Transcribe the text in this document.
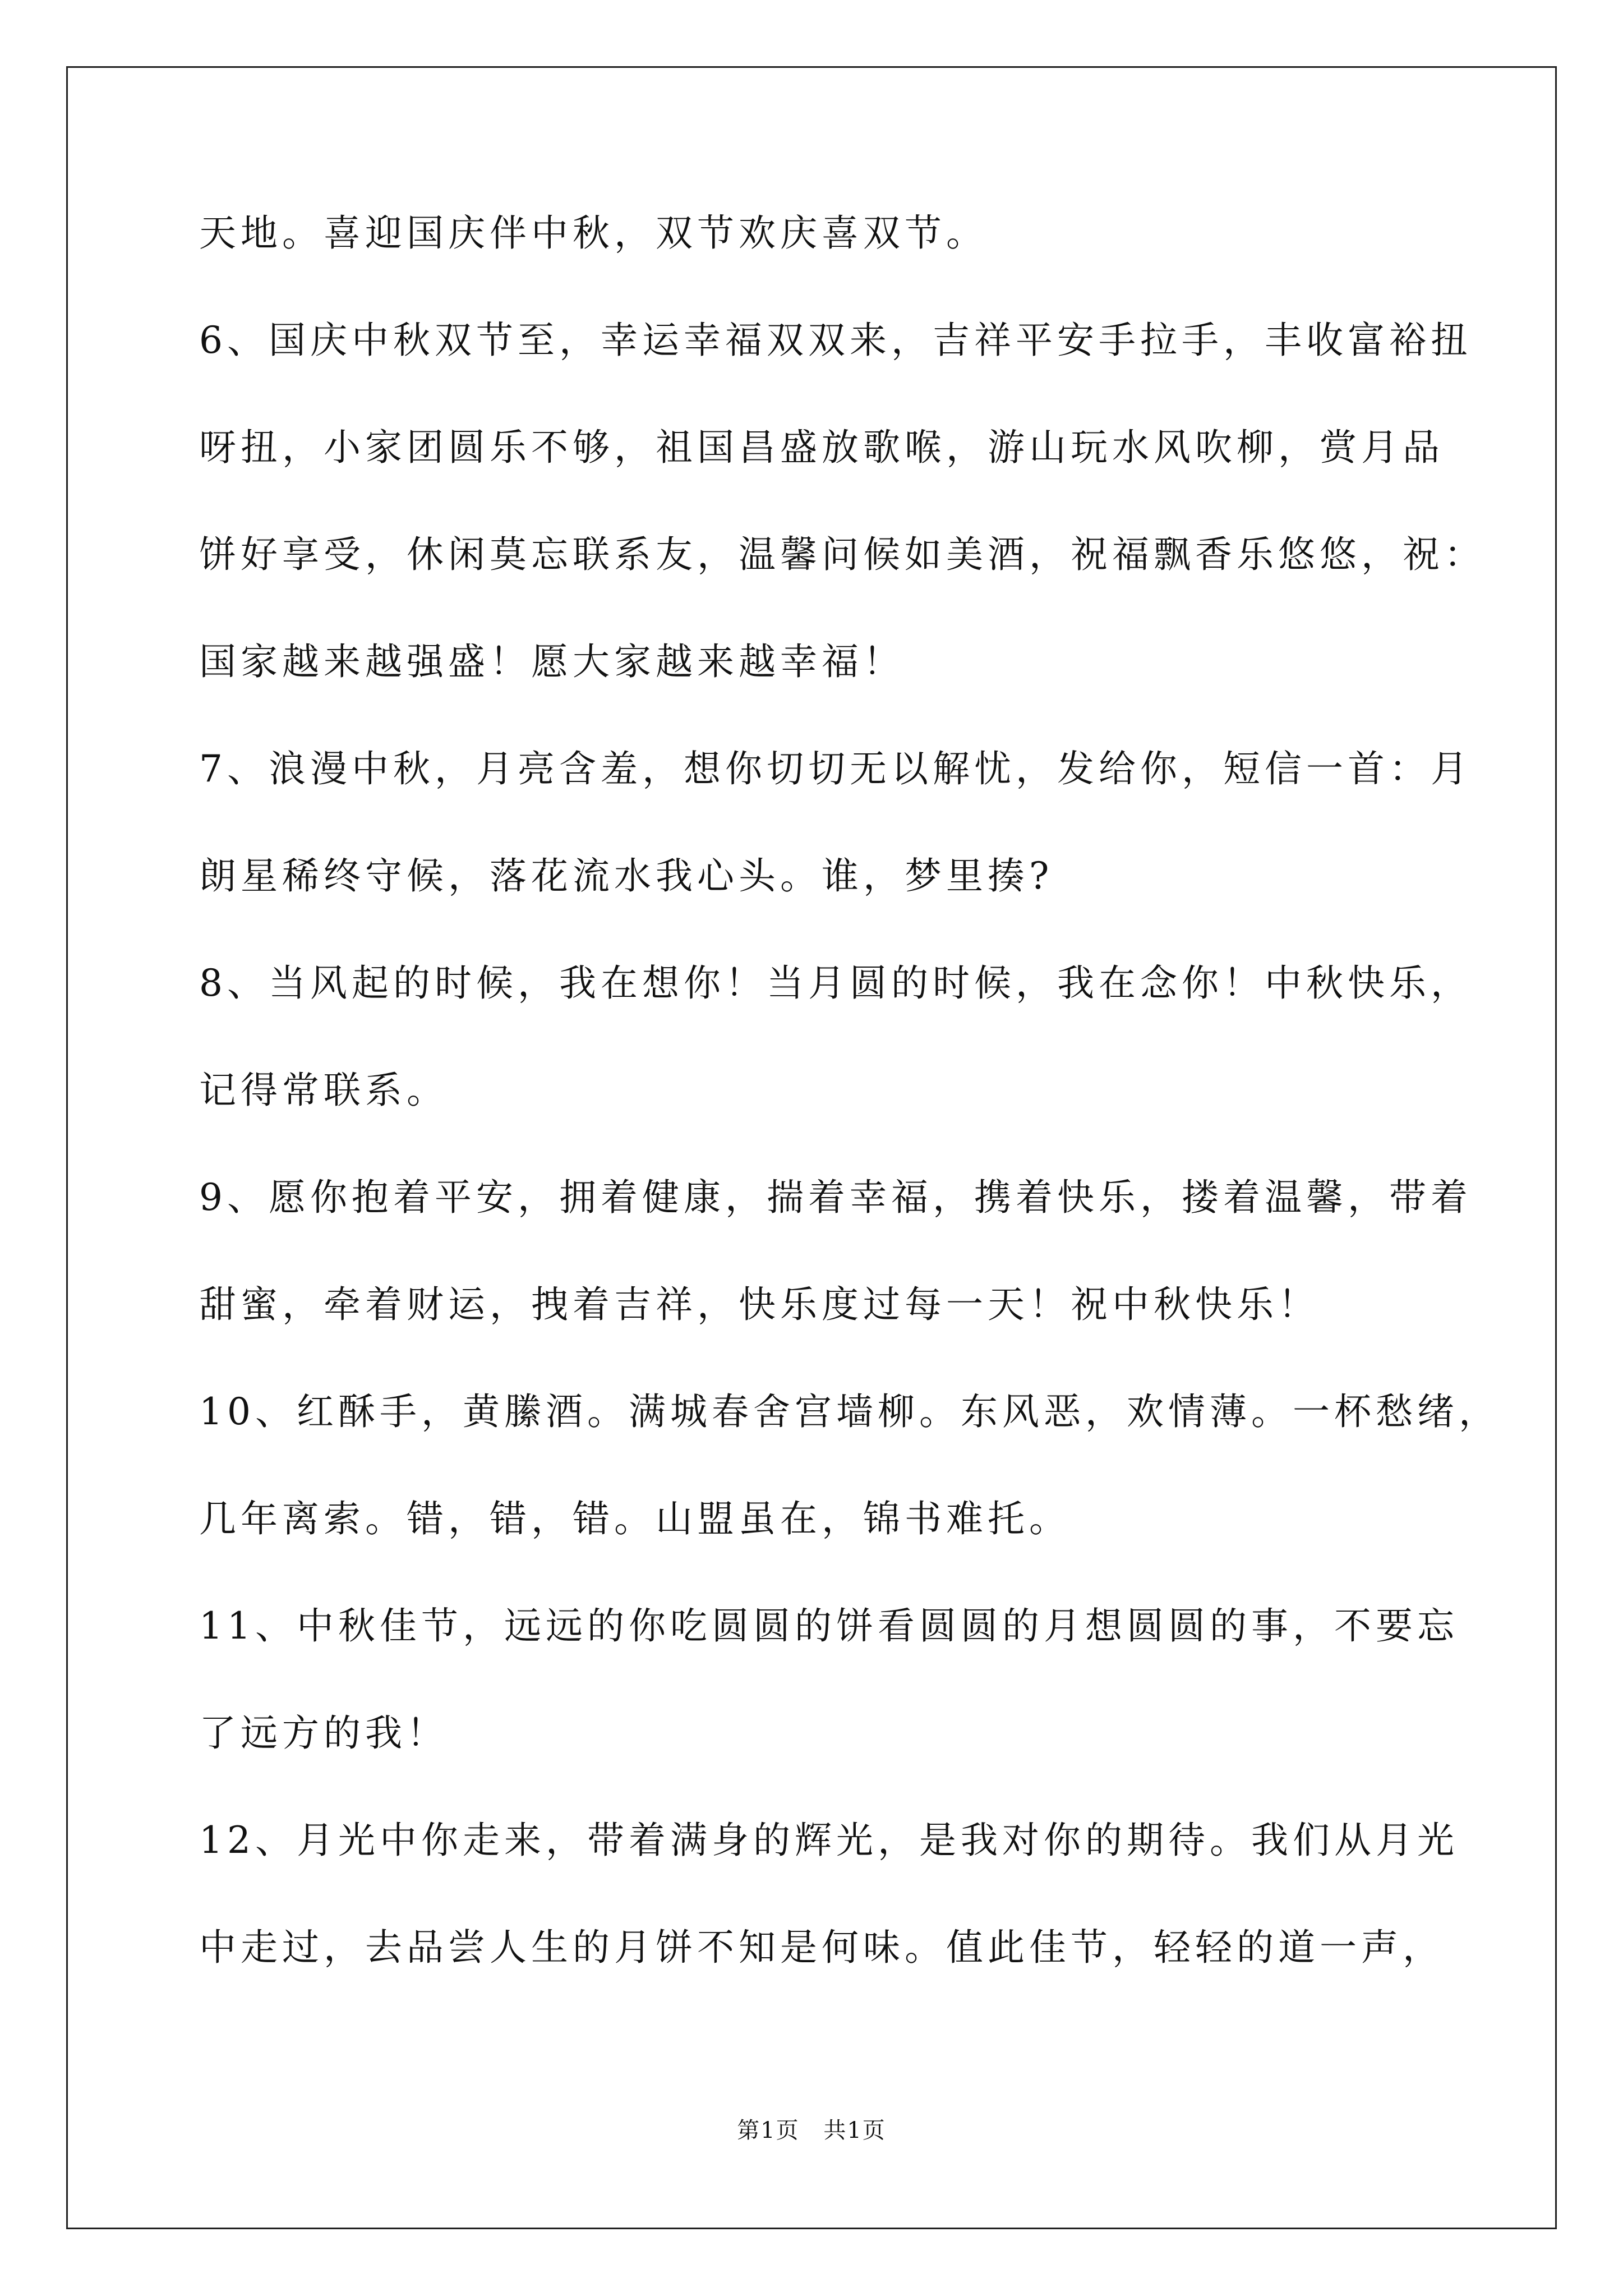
天地。喜迎国庆伴中秋，双节欢庆喜双节。
6、国庆中秋双节至，幸运幸福双双来，吉祥平安手拉手，丰收富裕扭
呀扭，小家团圆乐不够，祖国昌盛放歌喉，游山玩水风吹柳，赏月品
饼好享受，休闲莫忘联系友，温馨问候如美酒，祝福飘香乐悠悠，祝：
国家越来越强盛！愿大家越来越幸福！
7、浪漫中秋，月亮含羞，想你切切无以解忧，发给你，短信一首：月
朗星稀终守候，落花流水我心头。谁，梦里揍?
8、当风起的时候，我在想你！当月圆的时候，我在念你！中秋快乐，
记得常联系。
9、愿你抱着平安，拥着健康，揣着幸福，携着快乐，搂着温馨，带着
甜蜜，牵着财运，拽着吉祥，快乐度过每一天！祝中秋快乐！
10、红酥手，黄縢酒。满城春舍宫墙柳。东风恶，欢情薄。一杯愁绪，
几年离索。错，错，错。山盟虽在，锦书难托。
11、中秋佳节，远远的你吃圆圆的饼看圆圆的月想圆圆的事，不要忘
了远方的我！
12、月光中你走来，带着满身的辉光，是我对你的期待。我们从月光
中走过，去品尝人生的月饼不知是何味。值此佳节，轻轻的道一声，
第1页 共1页
